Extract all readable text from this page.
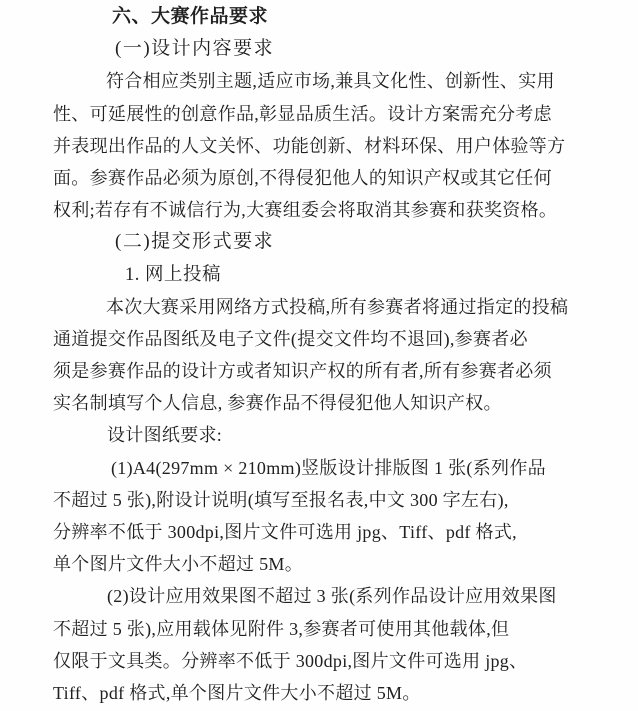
六、大赛作品要求
(一)设计内容要求
符合相应类别主题,适应市场,兼具文化性、创新性、实用
性、可延展性的创意作品,彰显品质生活。设计方案需充分考虑
并表现出作品的人文关怀、功能创新、材料环保、用户体验等方
面。参赛作品必须为原创,不得侵犯他人的知识产权或其它任何
权利;若存有不诚信行为,大赛组委会将取消其参赛和获奖资格。
(二)提交形式要求
1. 网上投稿
本次大赛采用网络方式投稿,所有参赛者将通过指定的投稿
通道提交作品图纸及电子文件(提交文件均不退回),参赛者必
须是参赛作品的设计方或者知识产权的所有者,所有参赛者必须
实名制填写个人信息, 参赛作品不得侵犯他人知识产权。
设计图纸要求:
(1)A4(297mm × 210mm)竖版设计排版图 1 张(系列作品
不超过 5 张),附设计说明(填写至报名表,中文 300 字左右),
分辨率不低于 300dpi,图片文件可选用 jpg、Tiff、pdf 格式,
单个图片文件大小不超过 5M。
(2)设计应用效果图不超过 3 张(系列作品设计应用效果图
不超过 5 张),应用载体见附件 3,参赛者可使用其他载体,但
仅限于文具类。分辨率不低于 300dpi,图片文件可选用 jpg、
Tiff、pdf 格式,单个图片文件大小不超过 5M。
